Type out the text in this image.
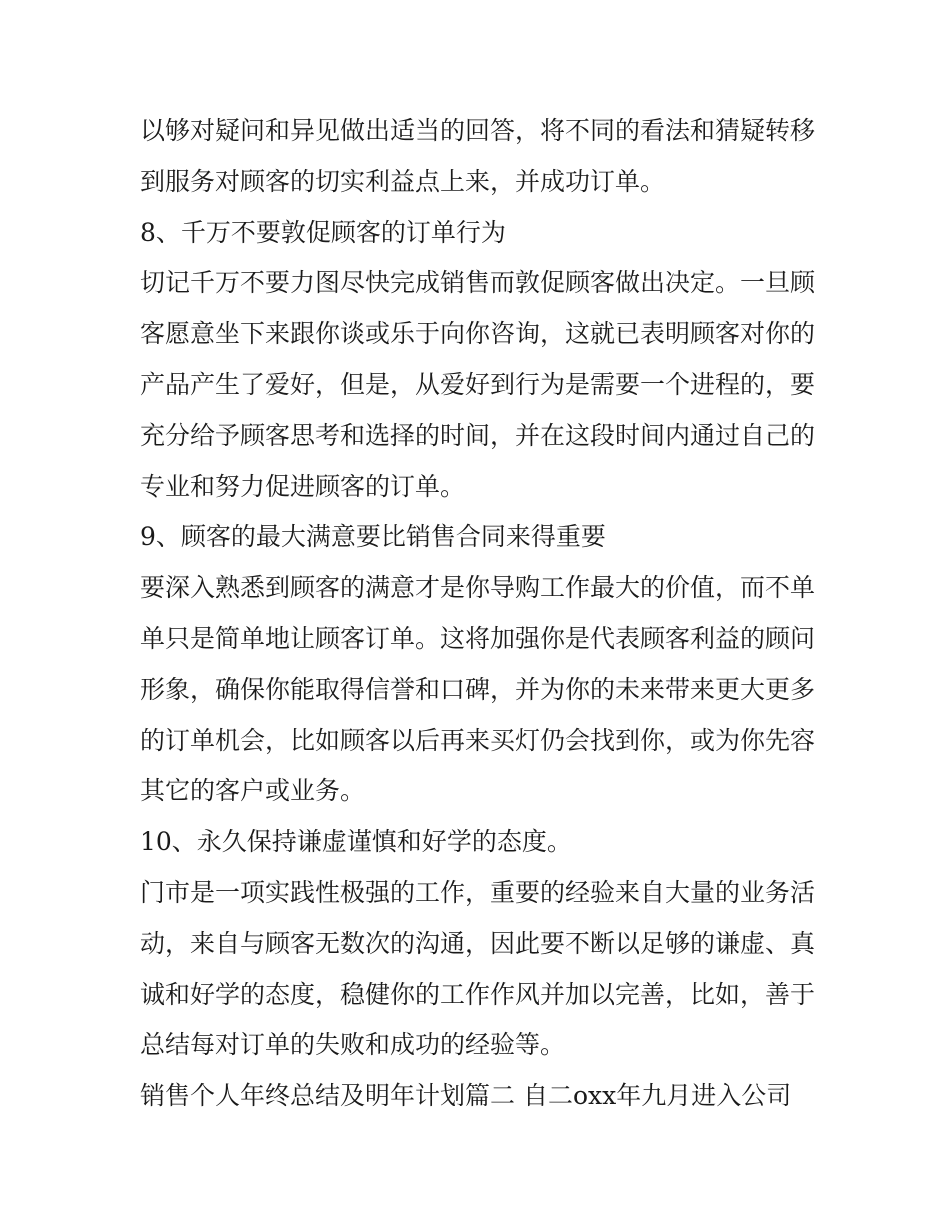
以够对疑问和异见做出适当的回答，将不同的看法和猜疑转移
到服务对顾客的切实利益点上来，并成功订单。
8、千万不要敦促顾客的订单行为
切记千万不要力图尽快完成销售而敦促顾客做出决定。一旦顾
客愿意坐下来跟你谈或乐于向你咨询，这就已表明顾客对你的
产品产生了爱好，但是，从爱好到行为是需要一个进程的，要
充分给予顾客思考和选择的时间，并在这段时间内通过自己的
专业和努力促进顾客的订单。
9、顾客的最大满意要比销售合同来得重要
要深入熟悉到顾客的满意才是你导购工作最大的价值，而不单
单只是简单地让顾客订单。这将加强你是代表顾客利益的顾问
形象，确保你能取得信誉和口碑，并为你的未来带来更大更多
的订单机会，比如顾客以后再来买灯仍会找到你，或为你先容
其它的客户或业务。
10、永久保持谦虚谨慎和好学的态度。
门市是一项实践性极强的工作，重要的经验来自大量的业务活
动，来自与顾客无数次的沟通，因此要不断以足够的谦虚、真
诚和好学的态度，稳健你的工作作风并加以完善，比如，善于
总结每对订单的失败和成功的经验等。
销售个人年终总结及明年计划篇二 自二oxx年九月进入公司
